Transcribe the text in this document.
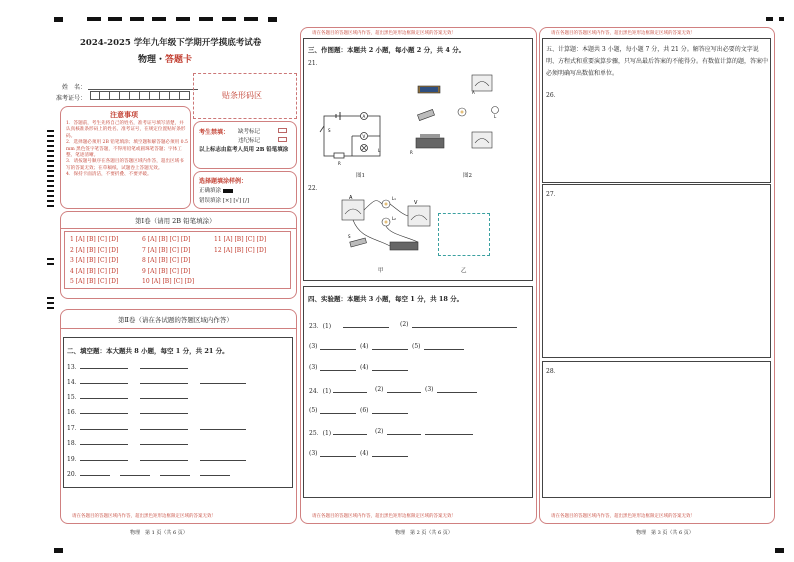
2024-2025 学年九年级下学期开学摸底考试卷
物理・答题卡
姓　名：
准考证号：	贴条形码区
注意事项
1．答题前，考生先将自己的姓名，准考证号填写清楚，并认真核准条形码上的姓名、准考证号，在规定位置贴好条形码。
2．选择题必须用 2B 铅笔填涂；填空题和解答题必须用 0.5 mm 黑色签字笔答题，不得用铅笔或圆珠笔答题；字体工整、笔迹清晰。
3．请按题号顺序在各题目的答题区域内作答，超出区域书写的答案无效；在草稿纸、试题卷上答题无效。
4．保持卡面清洁，不要折叠、不要弄破。
考生禁填： 缺考标记
违纪标记
以上标志由监考人员用 2B 铅笔填涂
选择题填涂样例：
正确填涂
错误填涂 [×] [√] [/]
第Ⅰ卷（请用 2B 铅笔填涂）
1 [A] [B] [C] [D]	6 [A] [B] [C] [D]	11 [A] [B] [C] [D]
2 [A] [B] [C] [D]	7 [A] [B] [C] [D]	12 [A] [B] [C] [D]
3 [A] [B] [C] [D]	8 [A] [B] [C] [D]
4 [A] [B] [C] [D]	9 [A] [B] [C] [D]
5 [A] [B] [C] [D]	10 [A] [B] [C] [D]
第Ⅱ卷（请在各试题的答题区域内作答）
二、填空题：本大题共 8 小题，每空 1 分，共 21 分。
13．
14．
15．
16．
17．
18．
19．
20．
请在各题目的答题区域内作答，超出黑色矩形边框限定区域的答案无效！
物理　第 1 页（共 6 页）
请在各题目的答题区域内作答，超出黑色矩形边框限定区域的答案无效！
三、作图题：本题共 2 小题，每小题 2 分，共 4 分。
21．
A
V
S
R
L
图1
A
L
R
图2
22．
A
V
L₁
L₂
S
甲	乙
四、实验题：本题共 3 小题，每空 1 分，共 18 分。
23．(1)	(2)
(3)	(4)	(5)
(3)	(4)
24．(1)	(2)	(3)
(5)	(6)
25．(1)	(2)
(3)	(4)
请在各题目的答题区域内作答，超出黑色矩形边框限定区域的答案无效！
物理　第 2 页（共 6 页）
请在各题目的答题区域内作答，超出黑色矩形边框限定区域的答案无效！
五、计算题：本题共 3 小题，每小题 7 分，共 21 分。解答应写出必要的文字说明、方程式和重要演算步骤，只写出最后答案的不能得分。有数值计算的题，答案中必须明确写出数值和单位。
26．
27．
28．
请在各题目的答题区域内作答，超出黑色矩形边框限定区域的答案无效！
物理　第 3 页（共 6 页）
